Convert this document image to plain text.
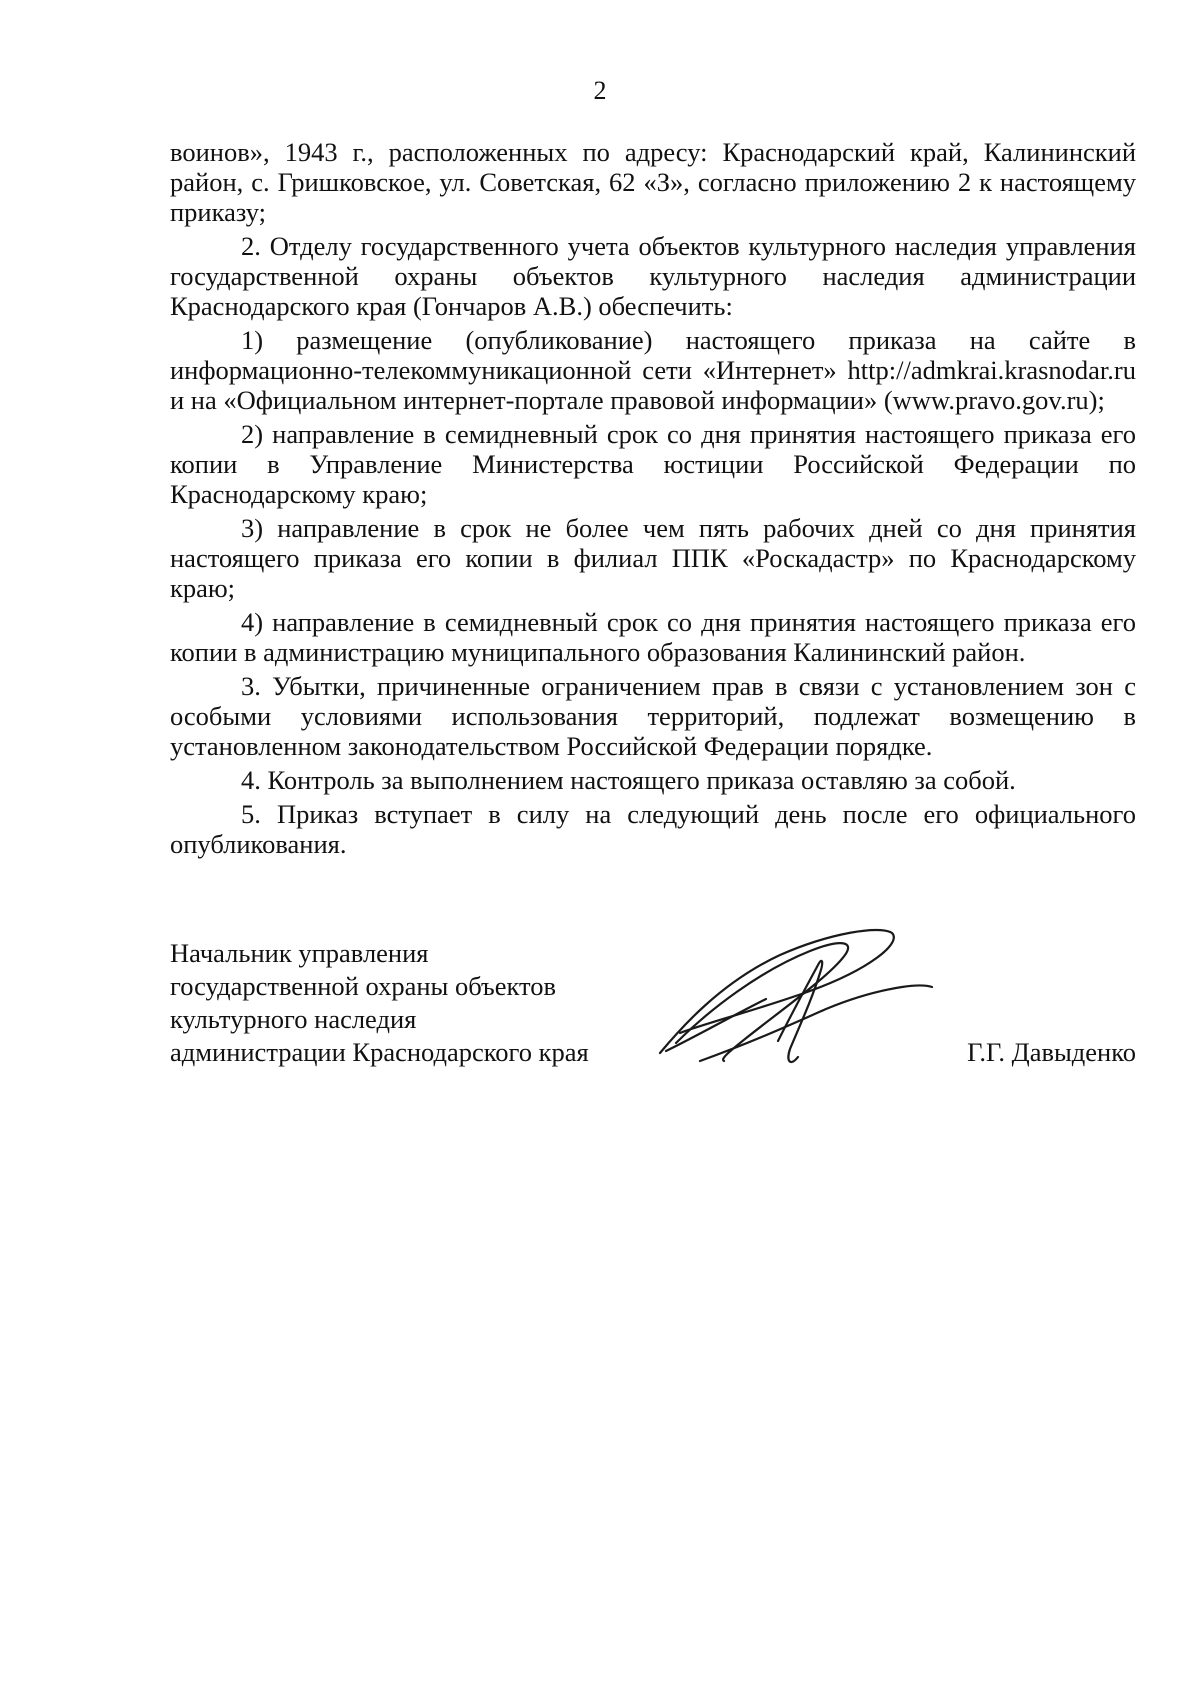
2

воинов», 1943 г., расположенных по адресу: Краснодарский край, Калининский район, с. Гришковское, ул. Советская, 62 «З», согласно приложению 2 к настоящему приказу;

2. Отделу государственного учета объектов культурного наследия управления государственной охраны объектов культурного наследия администрации Краснодарского края (Гончаров А.В.) обеспечить:

1) размещение (опубликование) настоящего приказа на сайте в информационно-телекоммуникационной сети «Интернет» http://admkrai.krasnodar.ru и на «Официальном интернет-портале правовой информации» (www.pravo.gov.ru);

2) направление в семидневный срок со дня принятия настоящего приказа его копии в Управление Министерства юстиции Российской Федерации по Краснодарскому краю;

3) направление в срок не более чем пять рабочих дней со дня принятия настоящего приказа его копии в филиал ППК «Роскадастр» по Краснодарскому краю;

4) направление в семидневный срок со дня принятия настоящего приказа его копии в администрацию муниципального образования Калининский район.

3. Убытки, причиненные ограничением прав в связи с установлением зон с особыми условиями использования территорий, подлежат возмещению в установленном законодательством Российской Федерации порядке.

4. Контроль за выполнением настоящего приказа оставляю за собой.

5. Приказ вступает в силу на следующий день после его официального опубликования.

Начальник управления
государственной охраны объектов
культурного наследия
администрации Краснодарского края	Г.Г. Давыденко
